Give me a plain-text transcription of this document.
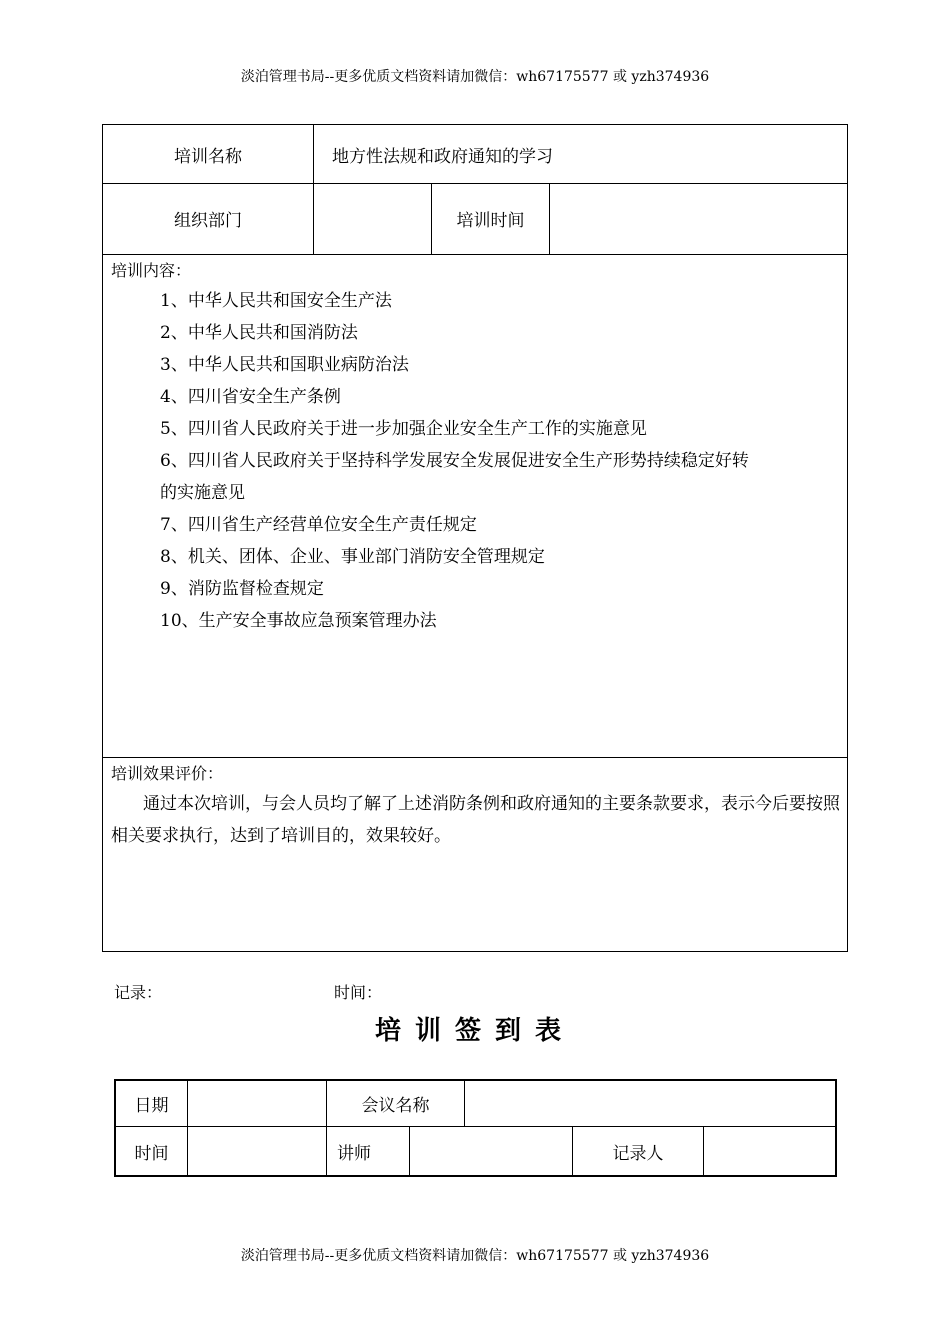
淡泊管理书局--更多优质文档资料请加微信：wh67175577 或 yzh374936
培训名称	地方性法规和政府通知的学习
组织部门	培训时间
培训内容：
1、中华人民共和国安全生产法
2、中华人民共和国消防法
3、中华人民共和国职业病防治法
4、四川省安全生产条例
5、四川省人民政府关于进一步加强企业安全生产工作的实施意见
6、四川省人民政府关于坚持科学发展安全发展促进安全生产形势持续稳定好转
的实施意见
7、四川省生产经营单位安全生产责任规定
8、机关、团体、企业、事业部门消防安全管理规定
9、消防监督检查规定
10、生产安全事故应急预案管理办法
培训效果评价：
通过本次培训，与会人员均了解了上述消防条例和政府通知的主要条款要求，表示今后要按照相关要求执行，达到了培训目的，效果较好。
记录：	时间：
培训签到表
日期	会议名称
时间	讲师	记录人
淡泊管理书局--更多优质文档资料请加微信：wh67175577 或 yzh374936
